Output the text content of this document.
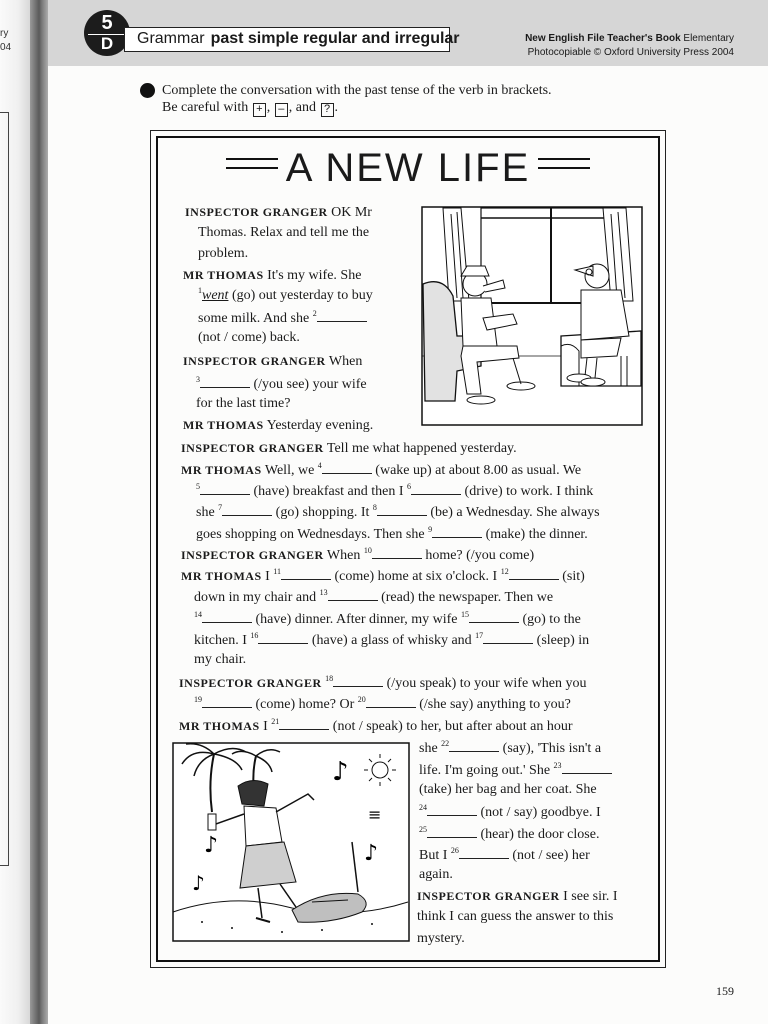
ry
04
5
D	Grammar past simple regular and irregular	New English File Teacher's Book Elementary
Photocopiable © Oxford University Press 2004
Complete the conversation with the past tense of the verb in brackets.
Be careful with + , – , and ? .
A NEW LIFE
♪
♪	♪
♪
≡
INSPECTOR GRANGER OK Mr
Thomas. Relax and tell me the
problem.
MR THOMAS It's my wife. She
$^1$went (go) out yesterday to buy
some milk. And she $^2$
(not / come) back.
INSPECTOR GRANGER When
$^3$	(/you see) your wife
for the last time?
MR THOMAS Yesterday evening.
INSPECTOR GRANGER Tell me what happened yesterday.
MR THOMAS Well, we $^4$	(wake up) at about 8.00 as usual. We
$^5$	(have) breakfast and then I $^6$	(drive) to work. I think
she $^7$	(go) shopping. It $^8$	(be) a Wednesday. She always
goes shopping on Wednesdays. Then she $^9$	(make) the dinner.
INSPECTOR GRANGER When $^{10}$	home? (/you come)
MR THOMAS I $^{11}$	(come) home at six o'clock. I $^{12}$	(sit)
down in my chair and $^{13}$	(read) the newspaper. Then we
$^{14}$	(have) dinner. After dinner, my wife $^{15}$	(go) to the
kitchen. I $^{16}$	(have) a glass of whisky and $^{17}$	(sleep) in
my chair.
INSPECTOR GRANGER $^{18}$	(/you speak) to your wife when you
$^{19}$	(come) home? Or $^{20}$	(/she say) anything to you?
MR THOMAS I $^{21}$	(not / speak) to her, but after about an hour
she $^{22}$	(say), 'This isn't a
life. I'm going out.' She $^{23}$
(take) her bag and her coat. She
$^{24}$	(not / say) goodbye. I
$^{25}$	(hear) the door close.
But I $^{26}$	(not / see) her
again.
INSPECTOR GRANGER I see sir. I
think I can guess the answer to this
mystery.
159
